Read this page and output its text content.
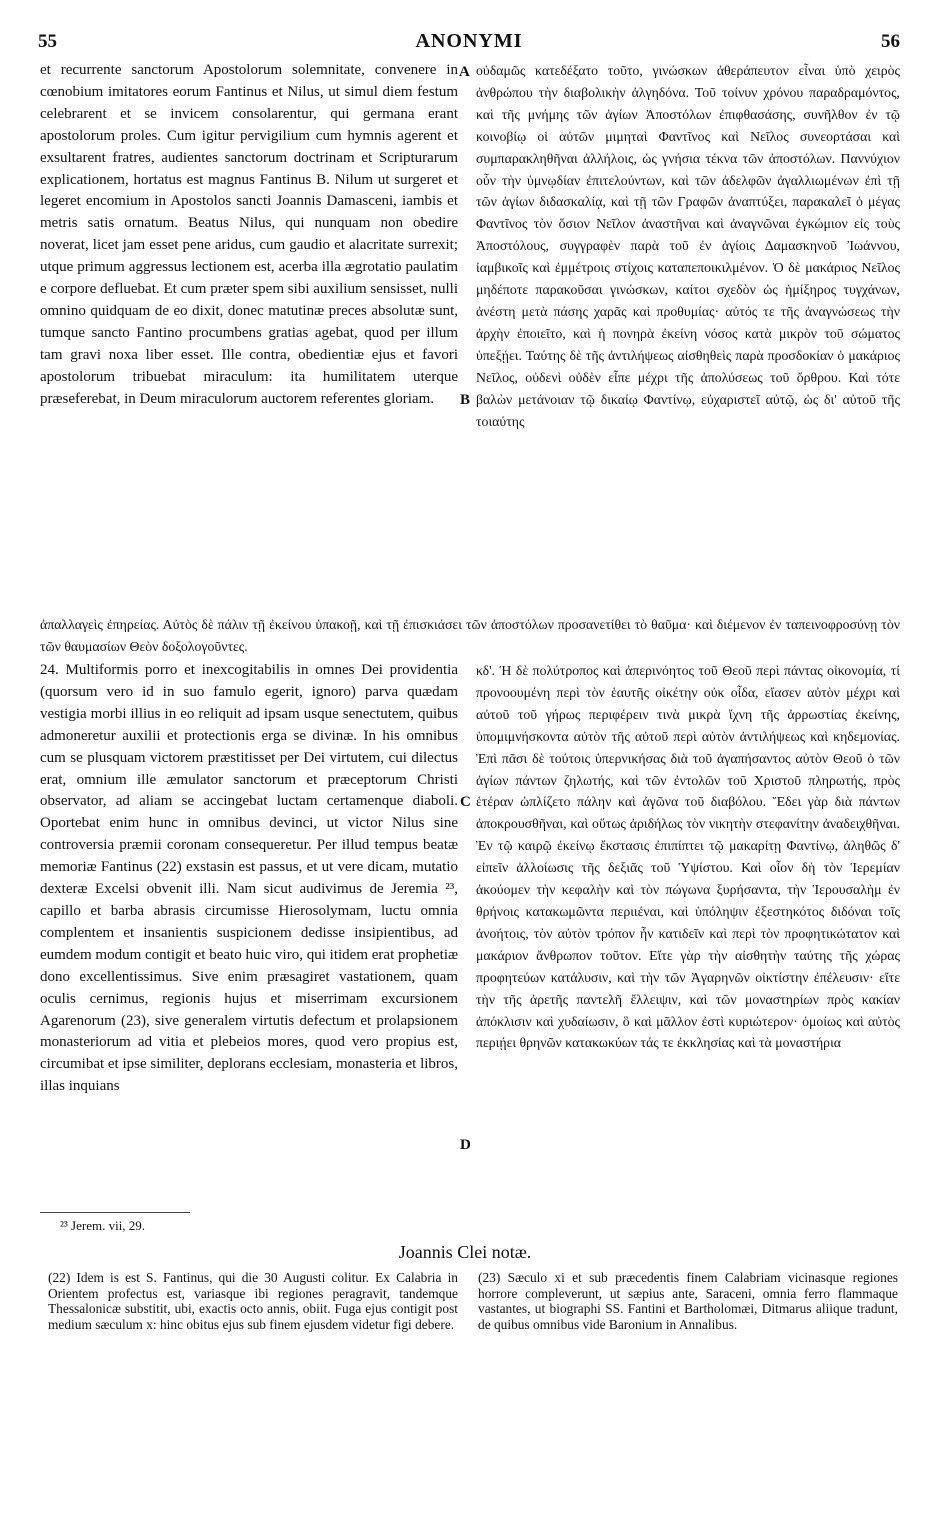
55	ANONYMI	56

et recurrente sanctorum Apostolorum solemnitate, convenere in cœnobium imitatores eorum Fantinus et Nilus, ut simul diem festum celebrarent et se invicem consolarentur, qui germana erant apostolorum proles. Cum igitur pervigilium cum hymnis agerent et exsultarent fratres, audientes sanctorum doctrinam et Scripturarum explicationem, hortatus est magnus Fantinus B. Nilum ut surgeret et legeret encomium in Apostolos sancti Joannis Damasceni, iambis et metris satis ornatum. Beatus Nilus, qui nunquam non obedire noverat, licet jam esset pene aridus, cum gaudio et alacritate surrexit; utque primum aggressus lectionem est, acerba illa ægrotatio paulatim e corpore defluebat. Et cum præter spem sibi auxilium sensisset, nulli omnino quidquam de eo dixit, donec matutinæ preces absolutæ sunt, tumque sancto Fantino procumbens gratias agebat, quod per illum tam gravi noxa liber esset. Ille contra, obedientiæ ejus et favori apostolorum tribuebat miraculum: ita humilitatem uterque præseferebat, in Deum miraculorum auctorem referentes gloriam.

οὐδαμῶς κατεδέξατο τοῦτο, γινώσκων ἀθεράπευτον εἶναι ὑπὸ χειρὸς ἀνθρώπου τὴν διαβολικὴν ἀλγηδόνα. Τοῦ τοίνυν χρόνου παραδραμόντος, καὶ τῆς μνήμης τῶν ἁγίων Ἀποστόλων ἐπιφθασάσης, συνῆλθον ἐν τῷ κοινοβίῳ οἱ αὐτῶν μιμηταὶ Φαντῖνος καὶ Νεῖλος συνεορτάσαι καὶ συμπαρακληθῆναι ἀλλήλοις, ὡς γνήσια τέκνα τῶν ἀποστόλων. Παννύχιον οὖν τὴν ὑμνῳδίαν ἐπιτελούντων, καὶ τῶν ἀδελφῶν ἀγαλλιωμένων ἐπὶ τῇ τῶν ἁγίων διδασκαλίᾳ, καὶ τῇ τῶν Γραφῶν ἀναπτύξει, παρακαλεῖ ὁ μέγας Φαντῖνος τὸν ὅσιον Νεῖλον ἀναστῆναι καὶ ἀναγνῶναι ἐγκώμιον εἰς τοὺς Ἀποστόλους, συγγραφὲν παρὰ τοῦ ἐν ἁγίοις Δαμασκηνοῦ Ἰωάννου, ἰαμβικοῖς καὶ ἐμμέτροις στίχοις καταπεποικιλμένον. Ὁ δὲ μακάριος Νεῖλος μηδέποτε παρακοῦσαι γινώσκων, καίτοι σχεδὸν ὡς ἡμίξηρος τυγχάνων, ἀνέστη μετὰ πάσης χαρᾶς καὶ προθυμίας· αὐτός τε τῆς ἀναγνώσεως τὴν ἀρχὴν ἐποιεῖτο, καὶ ἡ πονηρὰ ἐκείνη νόσος κατὰ μικρὸν τοῦ σώματος ὑπεξῄει. Ταύτης δὲ τῆς ἀντιλήψεως αἰσθηθεὶς παρὰ προσδοκίαν ὁ μακάριος Νεῖλος, οὐδενὶ οὐδὲν εἶπε μέχρι τῆς ἀπολύσεως τοῦ ὄρθρου. Καὶ τότε βαλὼν μετάνοιαν τῷ δικαίῳ Φαντίνῳ, εὐχαριστεῖ αὐτῷ, ὡς δι' αὐτοῦ τῆς τοιαύτης

ἀπαλλαγεὶς ἐπηρείας. Αὐτὸς δὲ πάλιν τῇ ἐκείνου ὑπακοῇ, καὶ τῇ ἐπισκιάσει τῶν ἀποστόλων προσανετίθει τὸ θαῦμα· καὶ διέμενον ἐν ταπεινοφροσύνῃ τὸν τῶν θαυμασίων Θεὸν δοξολογοῦντες.

24. Multiformis porro et inexcogitabilis in omnes Dei providentia (quorsum vero id in suo famulo egerit, ignoro) parva quædam vestigia morbi illius in eo reliquit ad ipsam usque senectutem, quibus admoneretur auxilii et protectionis erga se divinæ. In his omnibus cum se plusquam victorem præstitisset per Dei virtutem, cui dilectus erat, omnium ille æmulator sanctorum et præceptorum Christi observator, ad aliam se accingebat luctam certamenque diaboli. Oportebat enim hunc in omnibus devinci, ut victor Nilus sine controversia præmii coronam consequeretur. Per illud tempus beatæ memoriæ Fantinus (22) exstasin est passus, et ut vere dicam, mutatio dexteræ Excelsi obvenit illi. Nam sicut audivimus de Jeremia ²³, capillo et barba abrasis circumisse Hierosolymam, luctu omnia complentem et insanientis suspicionem dedisse insipientibus, ad eumdem modum contigit et beato huic viro, qui itidem erat prophetiæ dono excellentissimus. Sive enim præsagiret vastationem, quam oculis cernimus, regionis hujus et miserrimam excursionem Agarenorum (23), sive generalem virtutis defectum et prolapsionem monasteriorum ad vitia et plebeios mores, quod vero propius est, circumibat et ipse similiter, deplorans ecclesiam, monasteria et libros, illas inquians

κδ'. Ἡ δὲ πολύτροπος καὶ ἀπερινόητος τοῦ Θεοῦ περὶ πάντας οἰκονομία, τί προνοουμένη περὶ τὸν ἑαυτῆς οἰκέτην οὐκ οἶδα, εἴασεν αὐτὸν μέχρι καὶ αὐτοῦ τοῦ γήρως περιφέρειν τινὰ μικρὰ ἴχνη τῆς ἀρρωστίας ἐκείνης, ὑπομιμνήσκοντα αὐτὸν τῆς αὐτοῦ περὶ αὐτὸν ἀντιλήψεως καὶ κηδεμονίας. Ἐπὶ πᾶσι δὲ τούτοις ὑπερνικήσας διὰ τοῦ ἀγαπήσαντος αὐτὸν Θεοῦ ὁ τῶν ἁγίων πάντων ζηλωτής, καὶ τῶν ἐντολῶν τοῦ Χριστοῦ πληρωτής, πρὸς ἑτέραν ὡπλίζετο πάλην καὶ ἀγῶνα τοῦ διαβόλου. Ἔδει γὰρ διὰ πάντων ἀποκρουσθῆναι, καὶ οὕτως ἀριδήλως τὸν νικητὴν στεφανίτην ἀναδειχθῆναι. Ἐν τῷ καιρῷ ἐκείνῳ ἔκστασις ἐπιπίπτει τῷ μακαρίτῃ Φαντίνῳ, ἀληθῶς δ' εἰπεῖν ἀλλοίωσις τῆς δεξιᾶς τοῦ Ὑψίστου. Καὶ οἷον δὴ τὸν Ἱερεμίαν ἀκούομεν τὴν κεφαλὴν καὶ τὸν πώγωνα ξυρήσαντα, τὴν Ἱερουσαλὴμ ἐν θρήνοις κατακωμῶντα περιιέναι, καὶ ὑπόληψιν ἐξεστηκότος διδόναι τοῖς ἀνοήτοις, τὸν αὐτὸν τρόπον ἦν κατιδεῖν καὶ περὶ τὸν προφητικώτατον καὶ μακάριον ἄνθρωπον τοῦτον. Εἴτε γὰρ τὴν αἰσθητὴν ταύτης τῆς χώρας προφητεύων κατάλυσιν, καὶ τὴν τῶν Ἀγαρηνῶν οἰκτίστην ἐπέλευσιν· εἴτε τὴν τῆς ἀρετῆς παντελῆ ἔλλειψιν, καὶ τῶν μοναστηρίων πρὸς κακίαν ἀπόκλισιν καὶ χυδαίωσιν, ὃ καὶ μᾶλλον ἐστὶ κυριώτερον· ὁμοίως καὶ αὐτὸς περιῄει θρηνῶν κατακωκύων τάς τε ἐκκλησίας καὶ τὰ μοναστήρια

A
B
C
D
²³ Jerem. vii, 29.
Joannis Clei notæ.
(22) Idem is est S. Fantinus, qui die 30 Augusti colitur. Ex Calabria in Orientem profectus est, variasque ibi regiones peragravit, tandemque Thessalonicæ substitit, ubi, exactis octo annis, obiit. Fuga ejus contigit post medium sæculum x: hinc obitus ejus sub finem ejusdem videtur figi debere.
(23) Sæculo xi et sub præcedentis finem Calabriam vicinasque regiones horrore compleverunt, ut sæpius ante, Saraceni, omnia ferro flammaque vastantes, ut biographi SS. Fantini et Bartholomæi, Ditmarus aliique tradunt, de quibus omnibus vide Baronium in Annalibus.
